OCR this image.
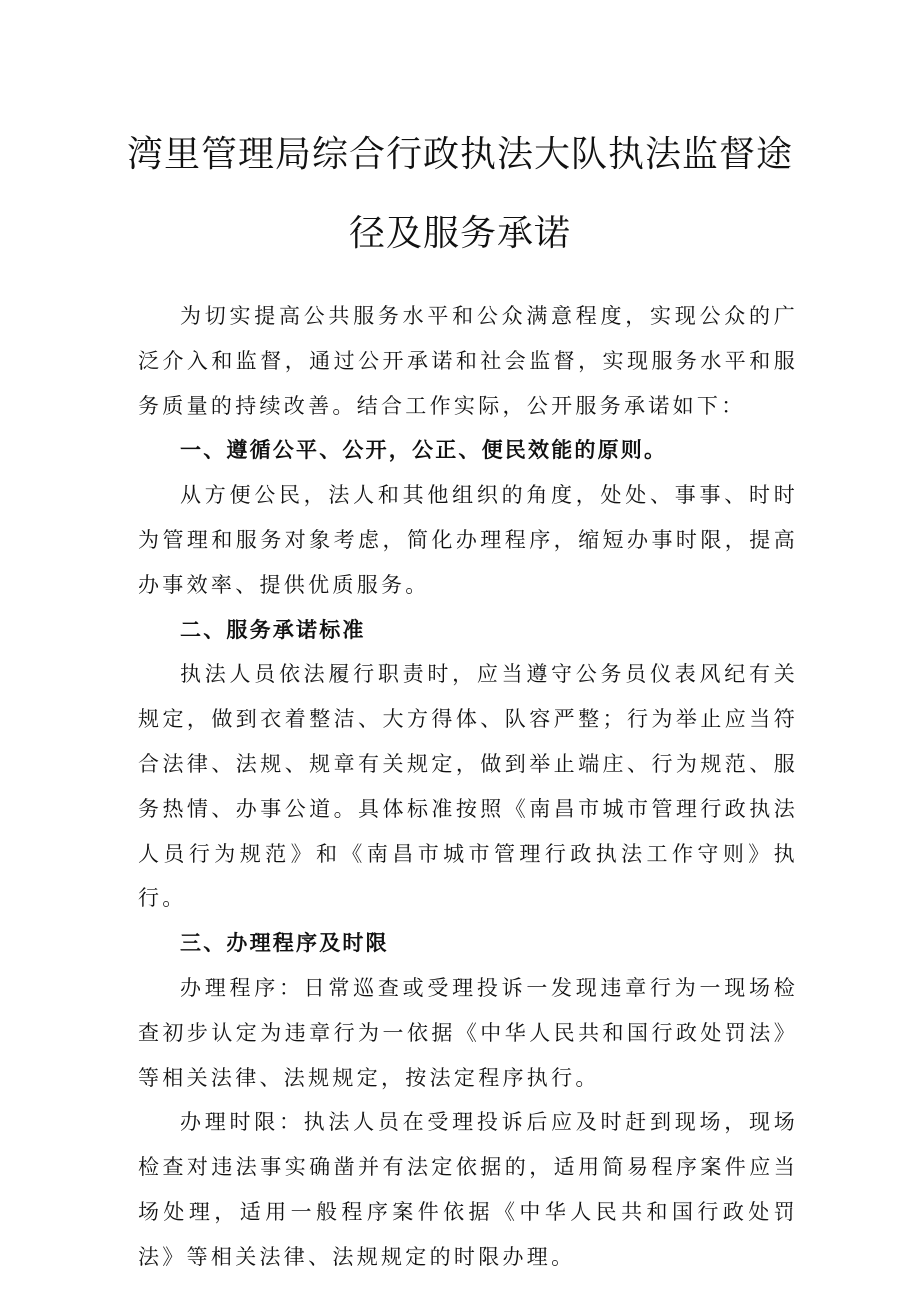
湾里管理局综合行政执法大队执法监督途
径及服务承诺

为切实提高公共服务水平和公众满意程度，实现公众的广泛介入和监督，通过公开承诺和社会监督，实现服务水平和服务质量的持续改善。结合工作实际，公开服务承诺如下：

一、遵循公平、公开，公正、便民效能的原则。

从方便公民，法人和其他组织的角度，处处、事事、时时为管理和服务对象考虑，简化办理程序，缩短办事时限，提高办事效率、提供优质服务。

二、服务承诺标准

执法人员依法履行职责时，应当遵守公务员仪表风纪有关规定，做到衣着整洁、大方得体、队容严整；行为举止应当符合法律、法规、规章有关规定，做到举止端庄、行为规范、服务热情、办事公道。具体标准按照《南昌市城市管理行政执法人员行为规范》和《南昌市城市管理行政执法工作守则》执行。

三、办理程序及时限

办理程序：日常巡查或受理投诉一发现违章行为一现场检查初步认定为违章行为一依据《中华人民共和国行政处罚法》等相关法律、法规规定，按法定程序执行。

办理时限：执法人员在受理投诉后应及时赶到现场，现场检查对违法事实确凿并有法定依据的，适用简易程序案件应当场处理，适用一般程序案件依据《中华人民共和国行政处罚法》等相关法律、法规规定的时限办理。
